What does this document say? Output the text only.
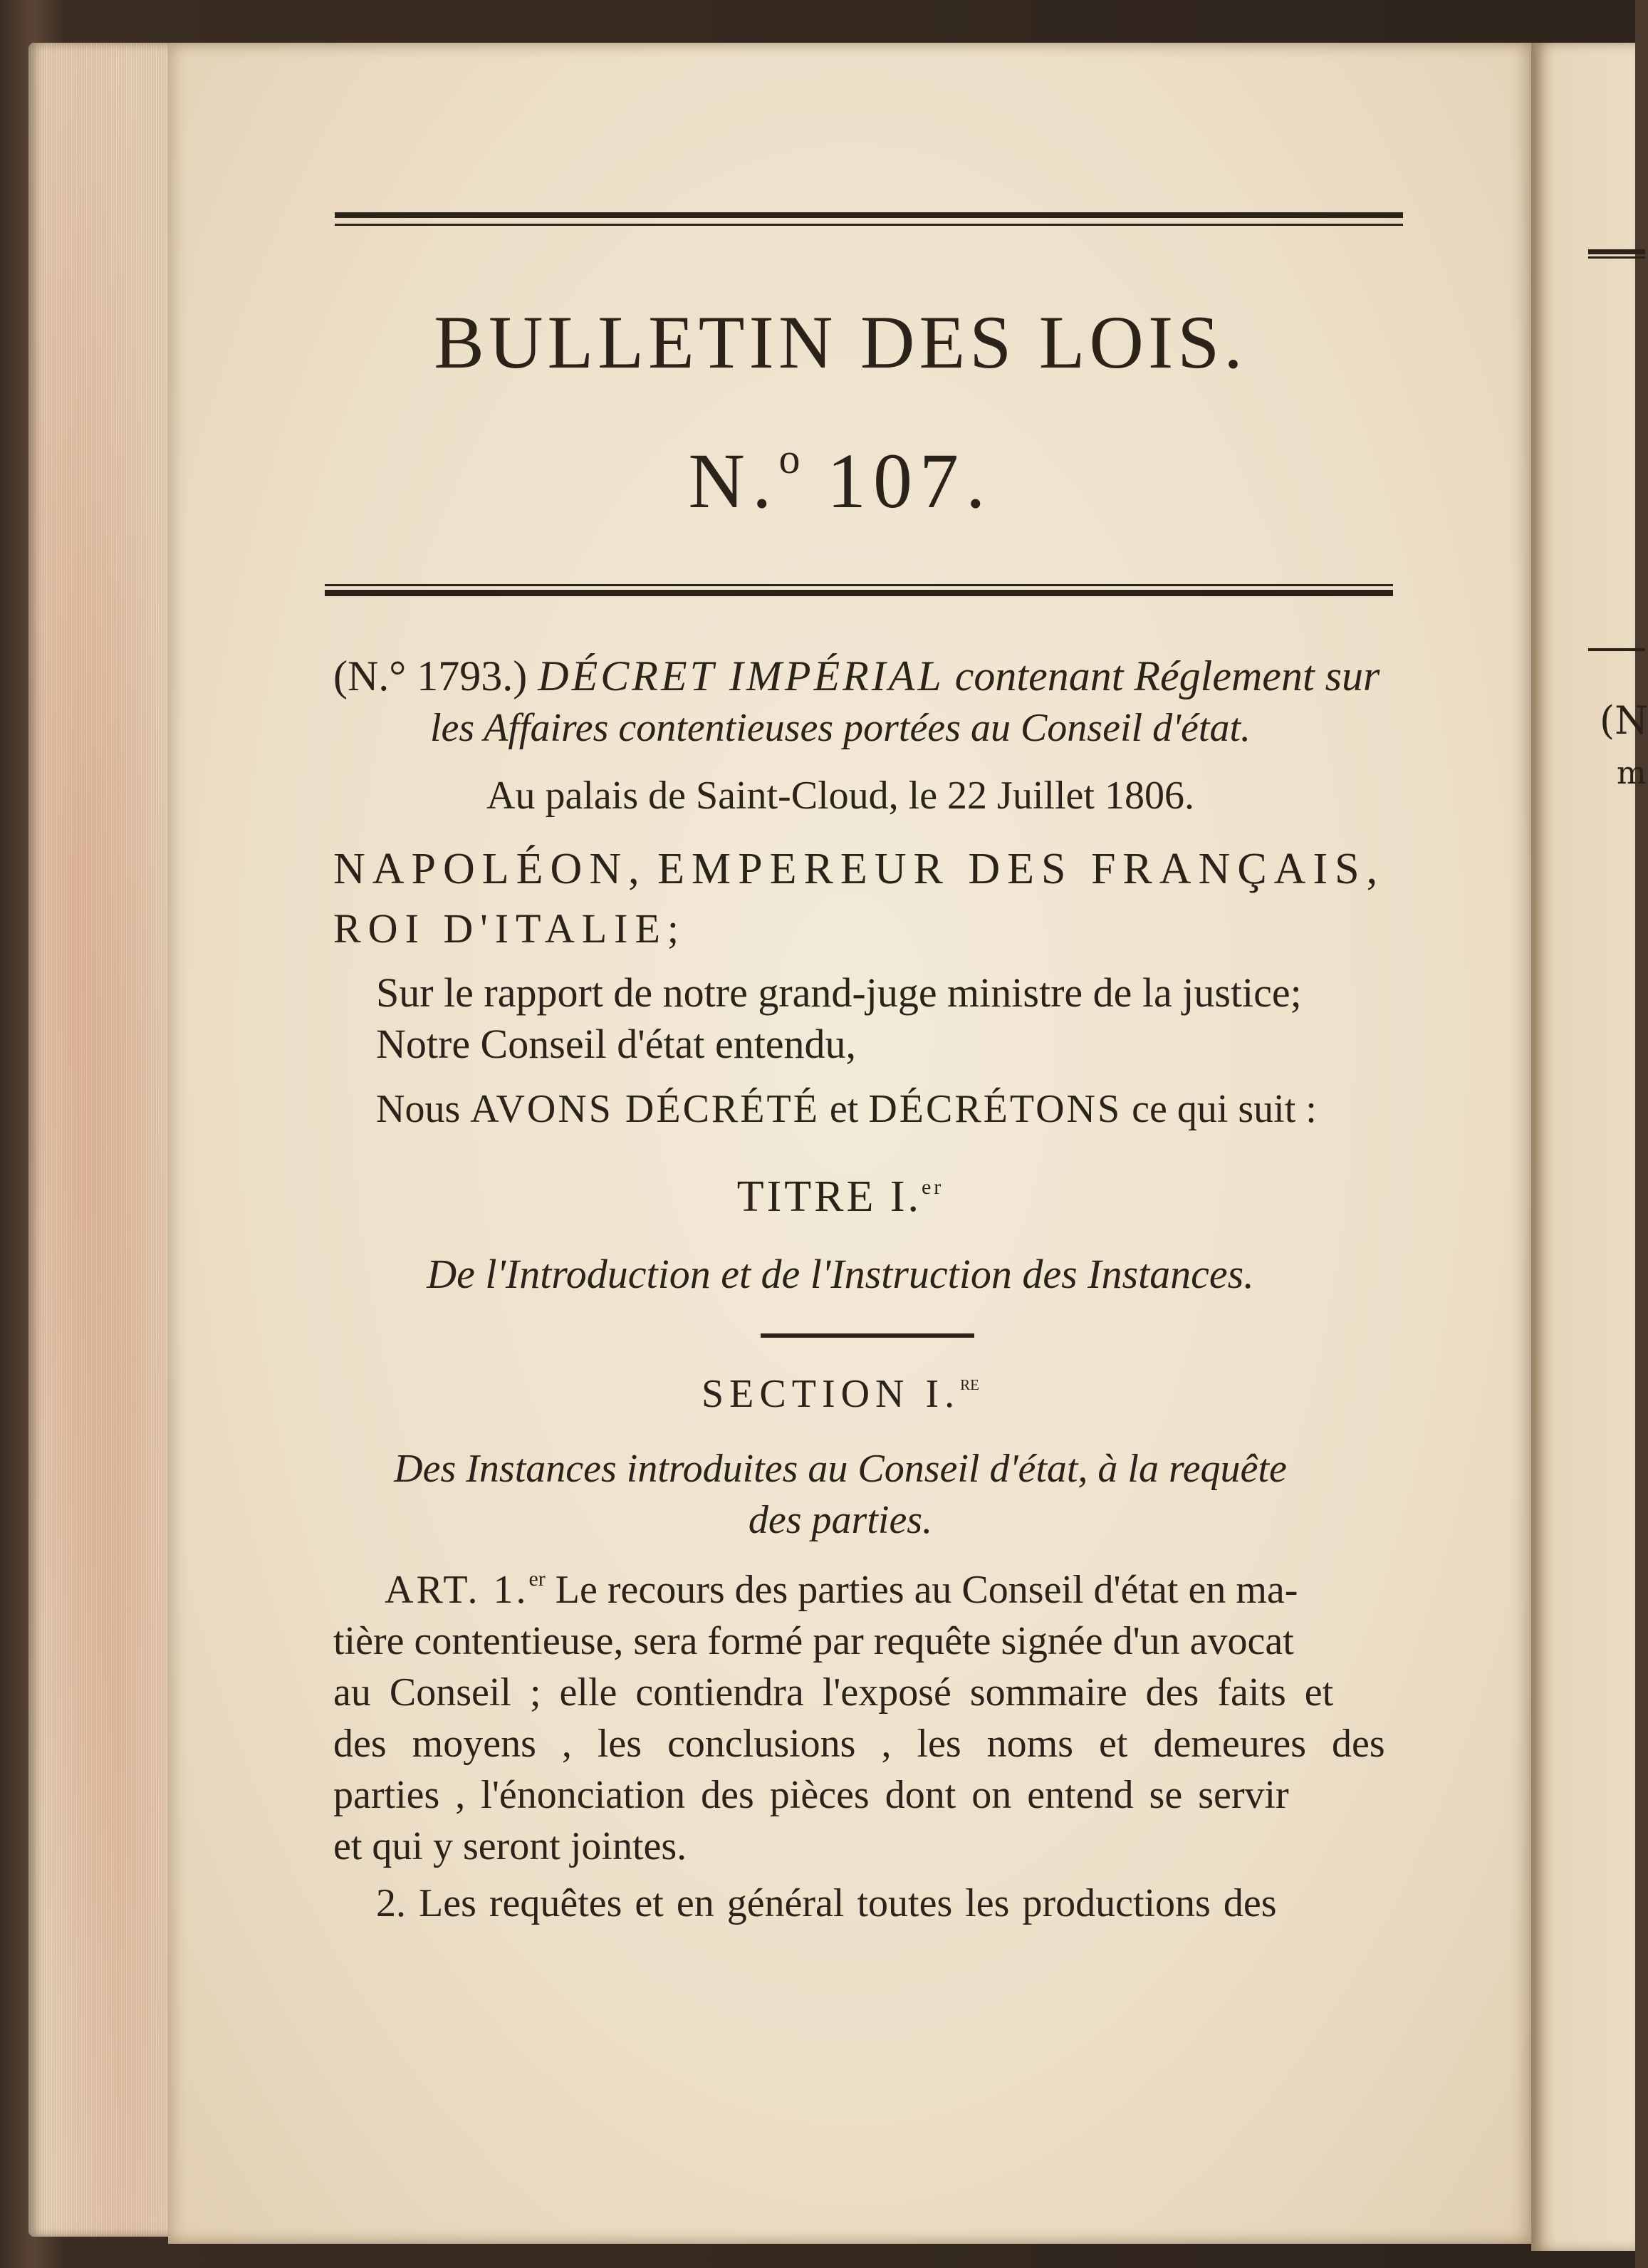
(N
m
BULLETIN DES LOIS.
N.$^o$ 107.
(N.° 1793.) DÉCRET IMPÉRIAL contenant Réglement sur
les Affaires contentieuses portées au Conseil d'état.
Au palais de Saint-Cloud, le 22 Juillet 1806.
NAPOLÉON, EMPEREUR DES FRANÇAIS,
ROI D'ITALIE;
Sur le rapport de notre grand-juge ministre de la justice;
Notre Conseil d'état entendu,
Nous AVONS DÉCRÉTÉ et DÉCRÉTONS ce qui suit :
TITRE I.$^{er}$
De l'Introduction et de l'Instruction des Instances.
SECTION I.$^{re}$
Des Instances introduites au Conseil d'état, à la requête
des parties.
ART. 1.$^{er}$ Le recours des parties au Conseil d'état en ma-
tière contentieuse, sera formé par requête signée d'un avocat
au Conseil ; elle contiendra l'exposé sommaire des faits et
des moyens , les conclusions , les noms et demeures des
parties , l'énonciation des pièces dont on entend se servir
et qui y seront jointes.
2. Les requêtes et en général toutes les productions des
